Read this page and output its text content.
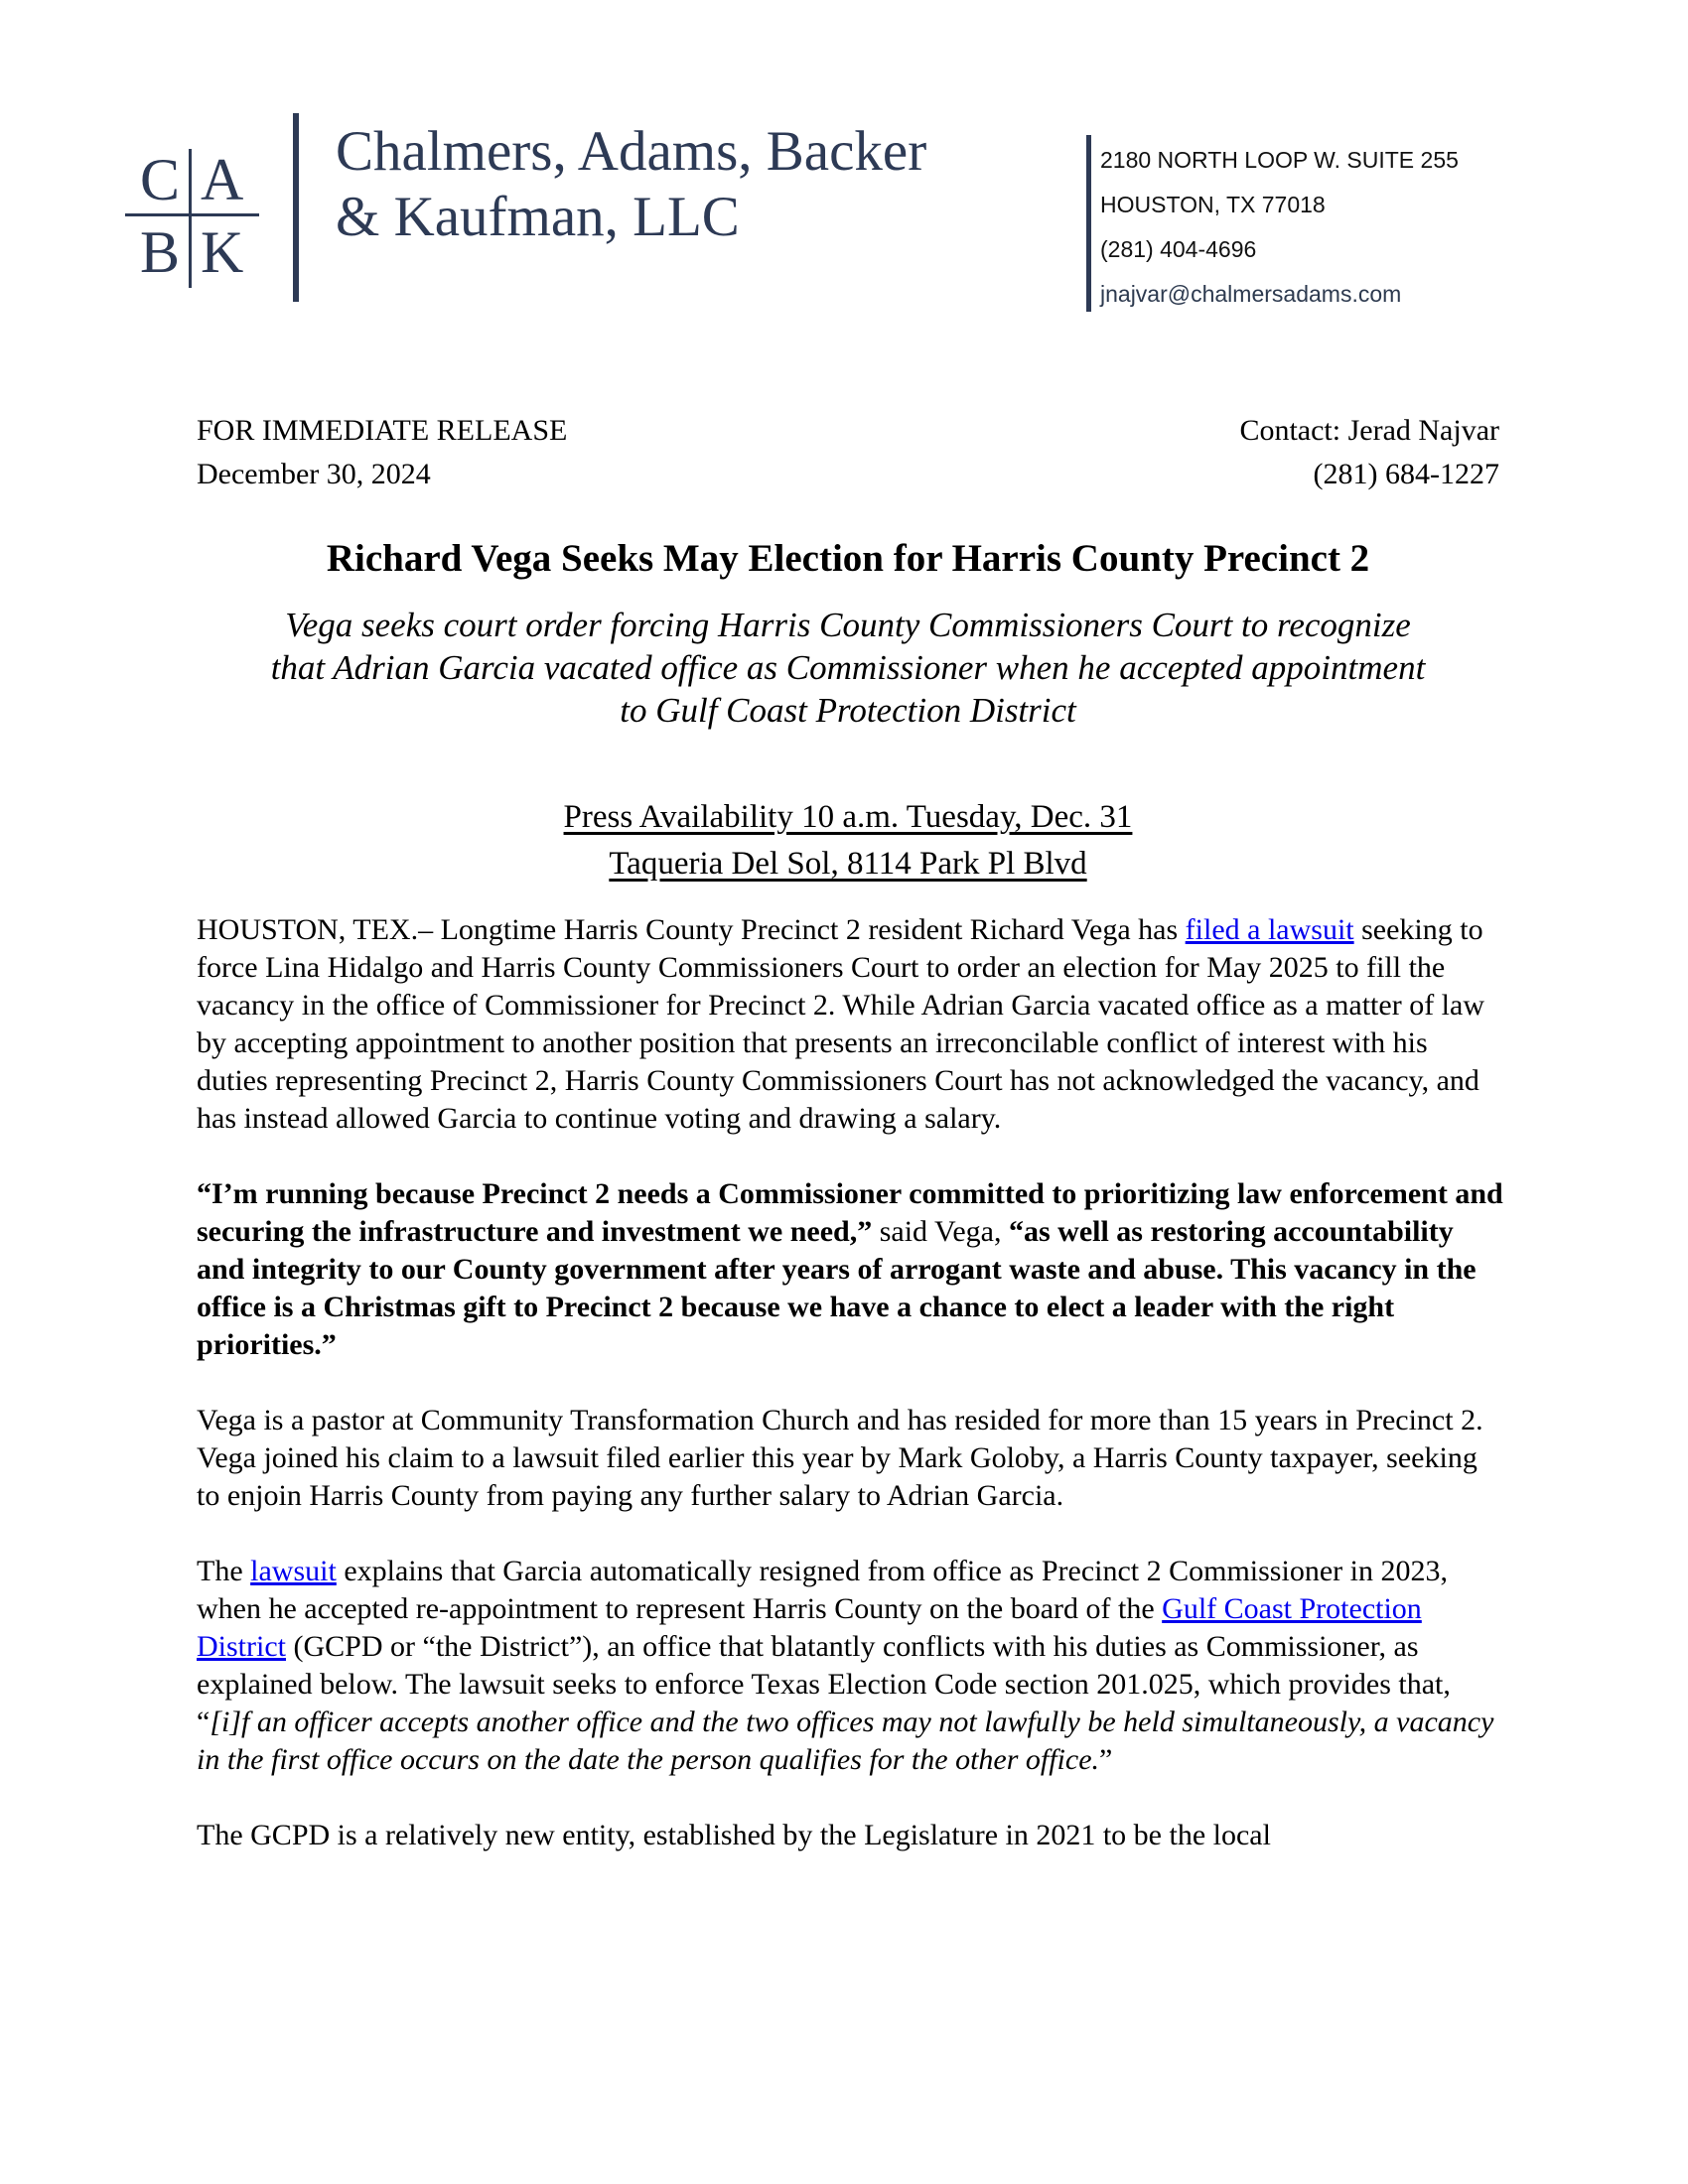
C A
B K
Chalmers, Adams, Backer
& Kaufman, LLC
2180 NORTH LOOP W. SUITE 255
HOUSTON, TX 77018
(281) 404-4696
jnajvar@chalmersadams.com
FOR IMMEDIATE RELEASE
December 30, 2024
Contact: Jerad Najvar
(281) 684-1227
Richard Vega Seeks May Election for Harris County Precinct 2
Vega seeks court order forcing Harris County Commissioners Court to recognize
that Adrian Garcia vacated office as Commissioner when he accepted appointment
to Gulf Coast Protection District
Press Availability 10 a.m. Tuesday, Dec. 31
Taqueria Del Sol, 8114 Park Pl Blvd

HOUSTON, TEX.– Longtime Harris County Precinct 2 resident Richard Vega has filed a lawsuit seeking to force Lina Hidalgo and Harris County Commissioners Court to order an election for May 2025 to fill the vacancy in the office of Commissioner for Precinct 2. While Adrian Garcia vacated office as a matter of law by accepting appointment to another position that presents an irreconcilable conflict of interest with his duties representing Precinct 2, Harris County Commissioners Court has not acknowledged the vacancy, and has instead allowed Garcia to continue voting and drawing a salary.

“I’m running because Precinct 2 needs a Commissioner committed to prioritizing law enforcement and securing the infrastructure and investment we need,” said Vega, “as well as restoring accountability and integrity to our County government after years of arrogant waste and abuse. This vacancy in the office is a Christmas gift to Precinct 2 because we have a chance to elect a leader with the right priorities.”

Vega is a pastor at Community Transformation Church and has resided for more than 15 years in Precinct 2. Vega joined his claim to a lawsuit filed earlier this year by Mark Goloby, a Harris County taxpayer, seeking to enjoin Harris County from paying any further salary to Adrian Garcia.

The lawsuit explains that Garcia automatically resigned from office as Precinct 2 Commissioner in 2023, when he accepted re-appointment to represent Harris County on the board of the Gulf Coast Protection District (GCPD or “the District”), an office that blatantly conflicts with his duties as Commissioner, as explained below. The lawsuit seeks to enforce Texas Election Code section 201.025, which provides that, “[i]f an officer accepts another office and the two offices may not lawfully be held simultaneously, a vacancy in the first office occurs on the date the person qualifies for the other office.”

The GCPD is a relatively new entity, established by the Legislature in 2021 to be the local
